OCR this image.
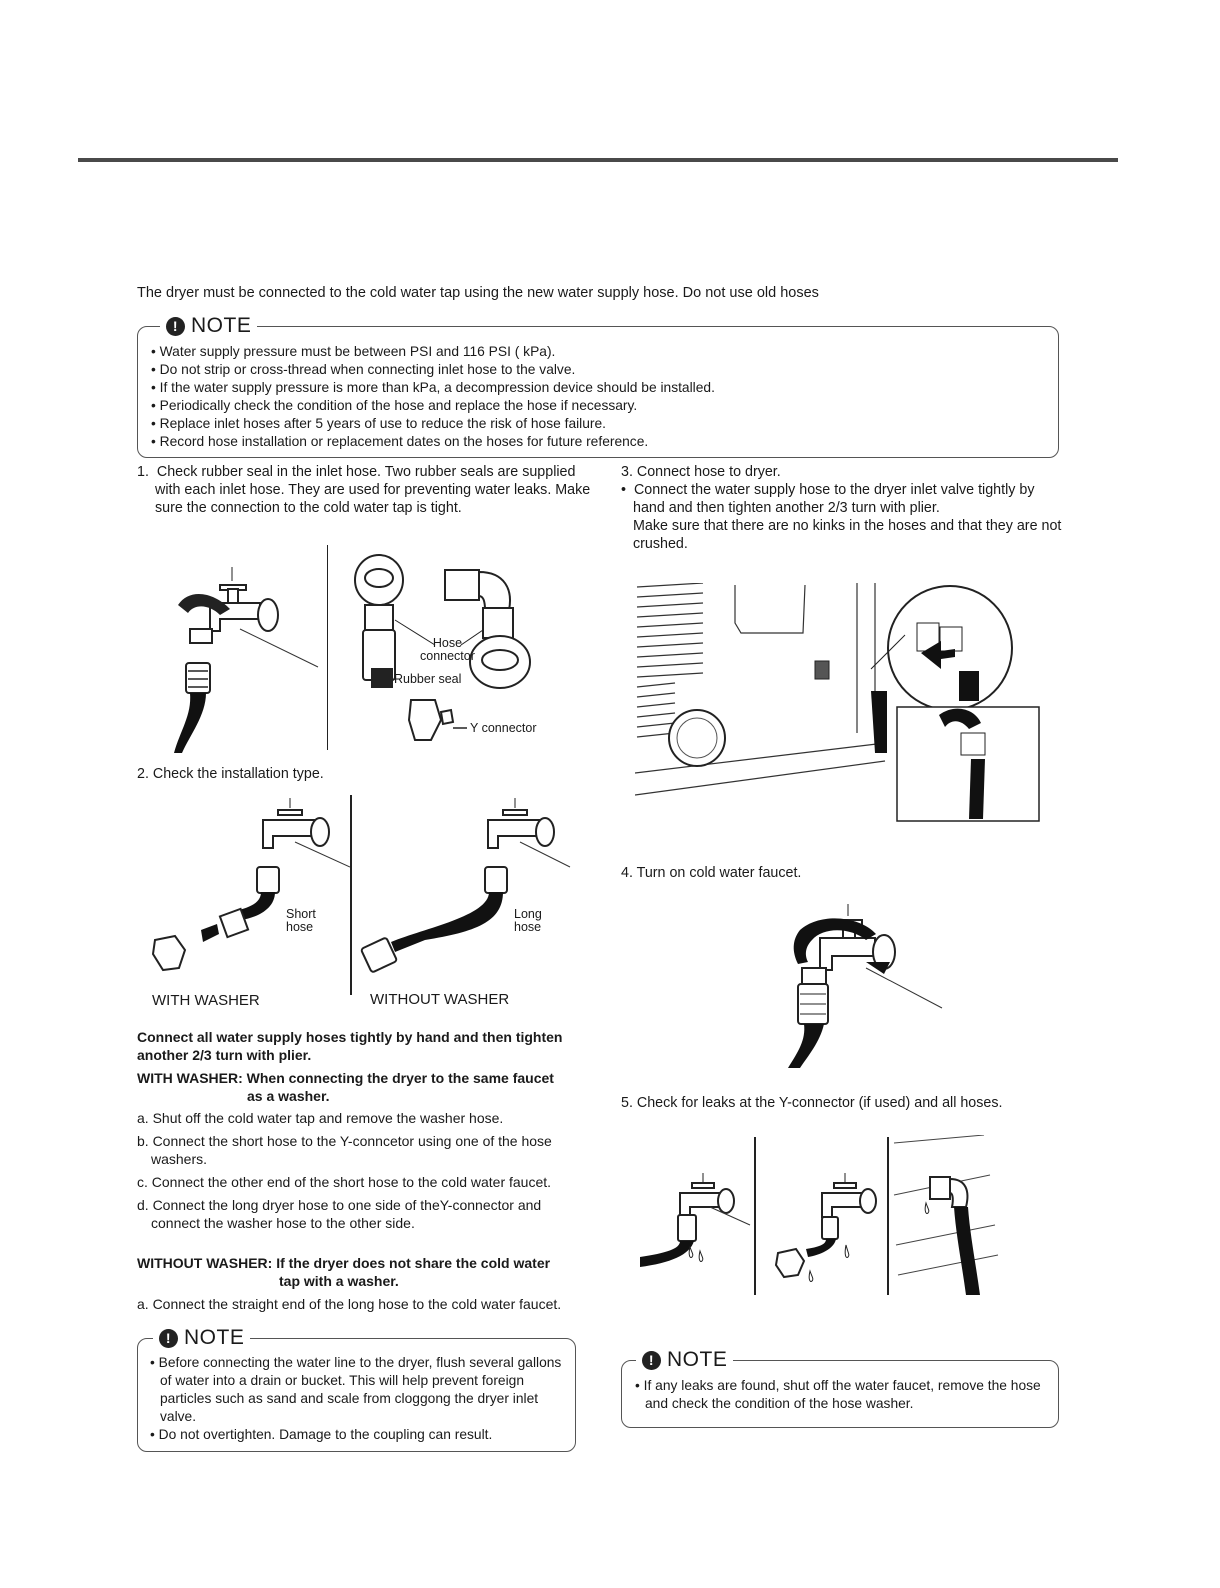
The dryer must be connected to the cold water tap using the new water supply hose. Do not use old hoses
! NOTE
• Water supply pressure must be between PSI and 116 PSI ( kPa).
• Do not strip or cross-thread when connecting inlet hose to the valve.
• If the water supply pressure is more than kPa, a decompression device should be installed.
• Periodically check the condition of the hose and replace the hose if necessary.
• Replace inlet hoses after 5 years of use to reduce the risk of hose failure.
• Record hose installation or replacement dates on the hoses for future reference.
1. Check rubber seal in the inlet hose. Two rubber seals are supplied with each inlet hose. They are used for preventing water leaks. Make sure the connection to the cold water tap is tight.
Hose
connector
Rubber seal
Y connector
2. Check the installation type.
Short
hose
Long
hose
WITH WASHER	WITHOUT WASHER
Connect all water supply hoses tightly by hand and then tighten another 2/3 turn with plier.
WITH WASHER: When connecting the dryer to the same faucet
as a washer.
a. Shut off the cold water tap and remove the washer hose.
b. Connect the short hose to the Y-conncetor using one of the hose washers.
c. Connect the other end of the short hose to the cold water faucet.
d. Connect the long dryer hose to one side of theY-connector and connect the washer hose to the other side.
WITHOUT WASHER: If the dryer does not share the cold water
tap with a washer.
a. Connect the straight end of the long hose to the cold water faucet.
! NOTE
• Before connecting the water line to the dryer, flush several gallons of water into a drain or bucket. This will help prevent foreign particles such as sand and scale from cloggong the dryer inlet valve.
• Do not overtighten. Damage to the coupling can result.
3. Connect hose to dryer.
•  Connect the water supply hose to the dryer inlet valve tightly by hand and then tighten another 2/3 turn with plier.
Make sure that there are no kinks in the hoses and that they are not crushed.
4. Turn on cold water faucet.
5. Check for leaks at the Y-connector (if used) and all hoses.
! NOTE
• If any leaks are found, shut off the water faucet, remove the hose and check the condition of the hose washer.
